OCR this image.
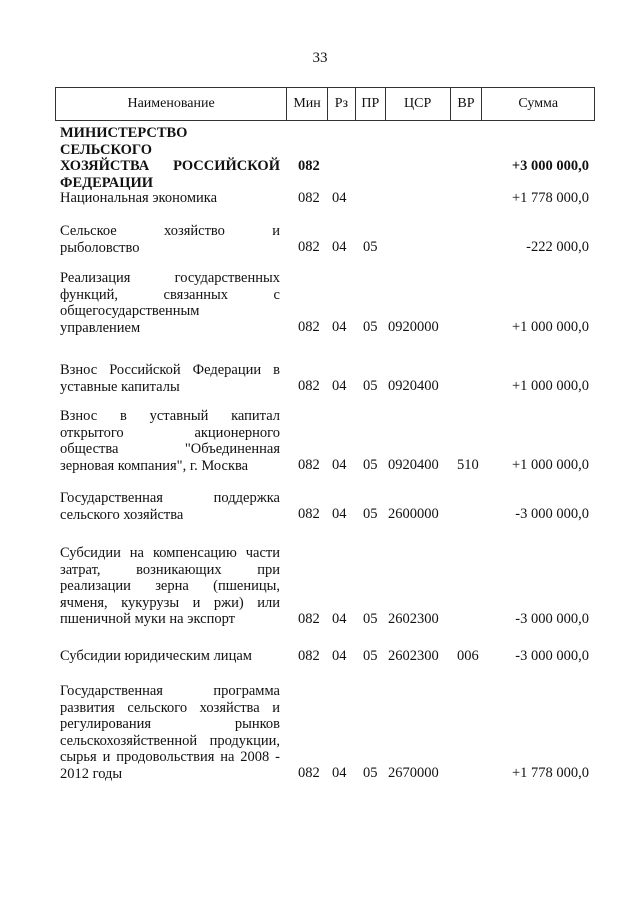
33
Наименование	Мин Рз ПР	ЦСР	ВР	Сумма
МИНИСТЕРСТВО СЕЛЬСКОГО
ХОЗЯЙСТВА РОССИЙСКОЙ
ФЕДЕРАЦИИ
082	+3 000 000,0
Национальная экономика	082 04	+1 778 000,0
Сельское хозяйство и
рыболовство	082 04 05	-222 000,0
Реализация государственных
функций, связанных с
общегосударственным
управлением	082 04 05 0920000	+1 000 000,0
Взнос Российской Федерации в
уставные капиталы	082 04 05 0920400	+1 000 000,0
Взнос в уставный капитал
открытого акционерного
общества "Объединенная
зерновая компания", г. Москва	082 04 05 0920400 510 +1 000 000,0
Государственная поддержка
сельского хозяйства	082 04 05 2600000	-3 000 000,0
Субсидии на компенсацию части
затрат, возникающих при
реализации зерна (пшеницы,
ячменя, кукурузы и ржи) или
пшеничной муки на экспорт	082 04 05 2602300	-3 000 000,0
Субсидии юридическим лицам	082 04 05 2602300 006	-3 000 000,0
Государственная программа
развития сельского хозяйства и
регулирования рынков
сельскохозяйственной продукции,
сырья и продовольствия на 2008 -
2012 годы	082 04 05 2670000	+1 778 000,0
